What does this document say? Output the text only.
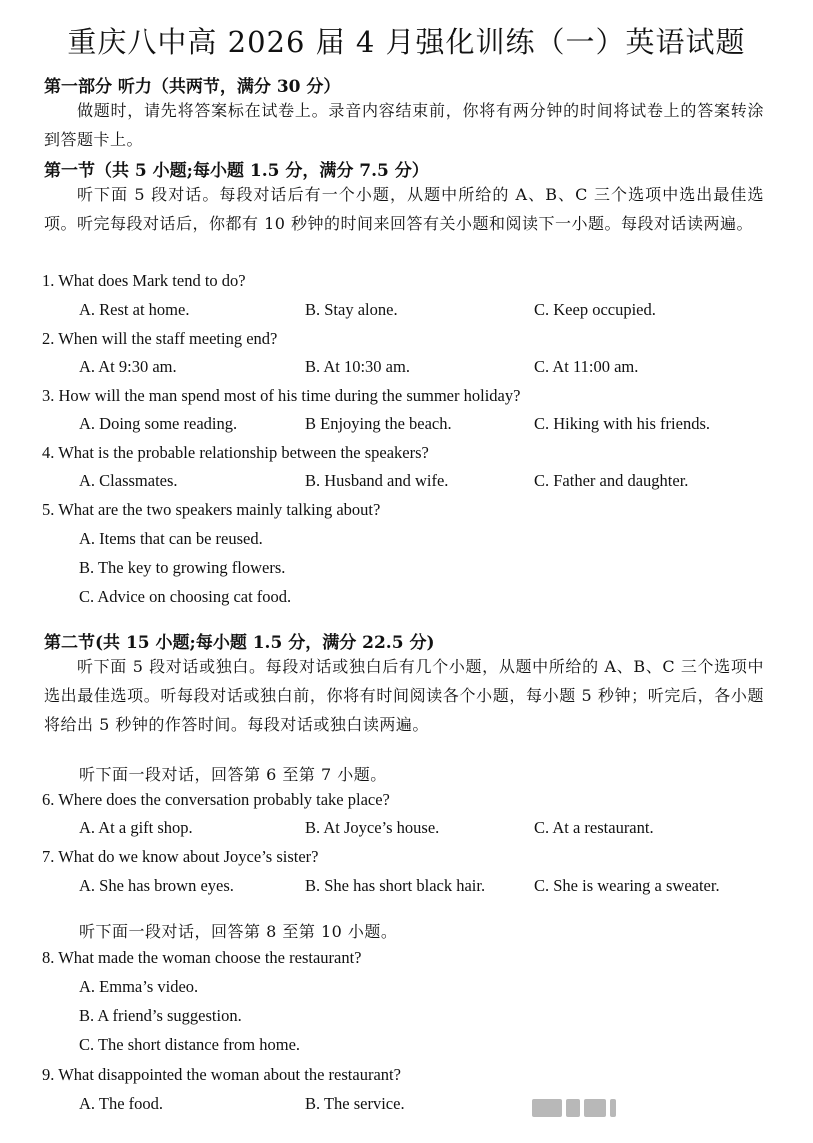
重庆八中高 2026 届 4 月强化训练（一）英语试题
第一部分 听力（共两节，满分 30 分）
做题时，请先将答案标在试卷上。录音内容结束前，你将有两分钟的时间将试卷上的答案转涂到答题卡上。
第一节（共 5 小题;每小题 1.5 分，满分 7.5 分）
听下面 5 段对话。每段对话后有一个小题，从题中所给的 A、B、C 三个选项中选出最佳选项。听完每段对话后，你都有 10 秒钟的时间来回答有关小题和阅读下一小题。每段对话读两遍。
1. What does Mark tend to do?
A. Rest at home.	B. Stay alone.	C. Keep occupied.
2. When will the staff meeting end?
A. At 9:30 am.	B. At 10:30 am.	C. At 11:00 am.
3. How will the man spend most of his time during the summer holiday?
A. Doing some reading.	B Enjoying the beach.	C. Hiking with his friends.
4. What is the probable relationship between the speakers?
A. Classmates.	B. Husband and wife.	C. Father and daughter.
5. What are the two speakers mainly talking about?
A. Items that can be reused.
B. The key to growing flowers.
C. Advice on choosing cat food.
第二节(共 15 小题;每小题 1.5 分，满分 22.5 分)
听下面 5 段对话或独白。每段对话或独白后有几个小题，从题中所给的 A、B、C 三个选项中选出最佳选项。听每段对话或独白前，你将有时间阅读各个小题，每小题 5 秒钟；听完后，各小题将给出 5 秒钟的作答时间。每段对话或独白读两遍。
听下面一段对话，回答第 6 至第 7 小题。
6. Where does the conversation probably take place?
A. At a gift shop.	B. At Joyce’s house.	C. At a restaurant.
7. What do we know about Joyce’s sister?
A. She has brown eyes.	B. She has short black hair.	C. She is wearing a sweater.
听下面一段对话，回答第 8 至第 10 小题。
8. What made the woman choose the restaurant?
A. Emma’s video.
B. A friend’s suggestion.
C. The short distance from home.
9. What disappointed the woman about the restaurant?
A. The food.	B. The service.
